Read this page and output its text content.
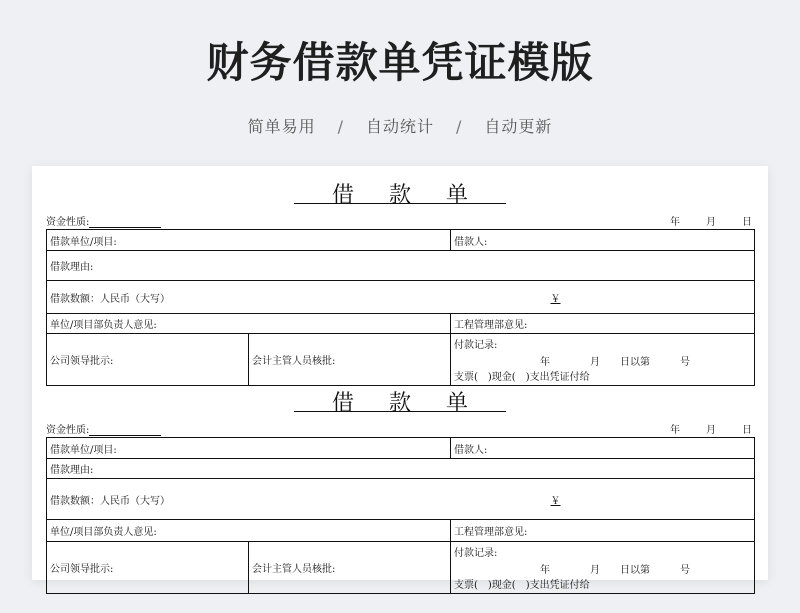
财务借款单凭证模版
简单易用 / 自动统计 / 自动更新
借 款 单
资金性质:	年	月	日
借款单位/项目:		借款人:
借款理由:		
借款数额：人民币（大写）		￥
单位/项目部负责人意见:		工程管理部意见:
公司领导批示:	会计主管人员核批:	付款记录:
年　　　　月　　日以第　　　号
支票(　)现金(　)支出凭证付给
借 款 单
资金性质:	年	月	日
借款单位/项目:		借款人:
借款理由:		
借款数额：人民币（大写）		￥
单位/项目部负责人意见:		工程管理部意见:
公司领导批示:	会计主管人员核批:	付款记录:
年　　　　月　　日以第　　　号
支票(　)现金(　)支出凭证付给
